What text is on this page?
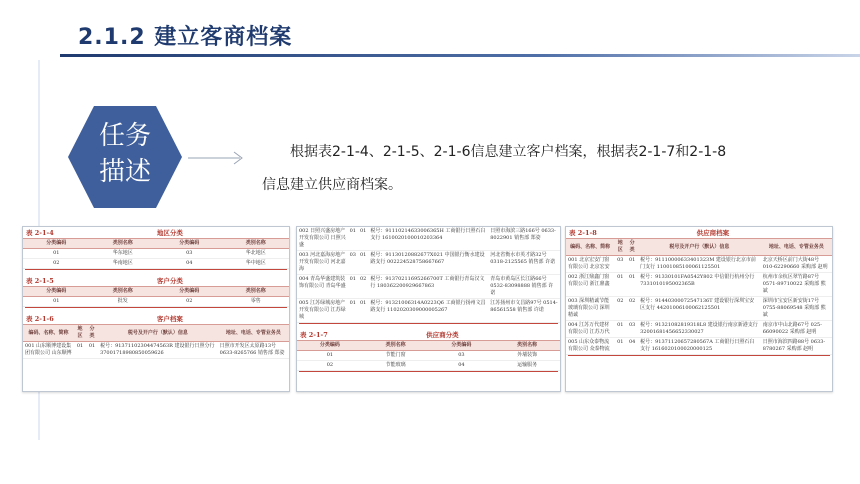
2.1.2 建立客商档案
任务
描述

根据表2-1-4、2-1-5、2-1-6信息建立客户档案，根据表2-1-7和2-1-8

信息建立供应商档案。
表 2-1-4	地区分类
分类编码	类别名称	分类编码	类别名称
01	华东地区	03	华北地区
02	华南地区	04	华中地区
表 2-1-5	客户分类
分类编码	类别名称	分类编码	类别名称
01	批发	02	零售
表 2-1-6	客户档案
编码、名称、简称	地区	分类	税号及开户行（默认）信息	地址、电话、专管业务员
001 山东顺博建设集团有限公司 山东顺博	01	01	税号：91371102304474563R 建设银行日照分行 37001718980850059626	日照市开发区太原路13号 0633-8265766 销售部 郑姿
002 日照兴盛房地产开发有限公司 日照兴盛	01	01	税号：91110214633006365H 工商银行日照石臼支行 1610020100010203364	日照市海滨三路166号 0633-8022901 销售部 郑姿
003 河北嘉海房地产开发有限公司 河北嘉海	03	01	税号：91130120882677X021 中国银行衡水建设路支行 002224528758667667	河北省衡水市英才路32号 0318-2125565 销售部 许诺
004 青岛华盛建筑装饰有限公司 青岛华盛	01	02	税号：91370211695266700T 工商银行青岛汉文行 180362200929667863	青岛市黄岛区长江路66号 0532-83098888 销售部 许诺
005 江苏绿城房地产开发有限公司 江苏绿城	01	01	税号：91321006314A0223Q6 工商银行扬州文昌路支行 1102020309000005267	江苏扬州市文昌路97号 0514-86561558 销售部 许诺
表 2-1-7	供应商分类
分类编码	类别名称	分类编码	类别名称
01	节能门窗	03	外墙装饰
02	节能玻璃	04	运输服务
表 2-1-8	供应商档案
编码、名称、简称	地区	分类	税号及开户行（默认）信息	地址、电话、专管业务员
001 北京宏安门窗有限公司 北京宏安	03	01	税号：91110000633401323M 建设银行北京市前门支行 11001085100061125501	北京天桥区前门大街48号 010-62290660 采购部 赵明
002 浙江鼎鑫门窗有限公司 浙江鼎鑫	01	01	税号：91330101FA0542Y802 中信银行杭州分行 7331010195002365B	杭州市余杭区翠竹路87号 0571-89710022 采购部 熊斌
003 深圳精诚节能玻璃有限公司 深圳精诚	02	02	税号：91440300072547136T 建设银行深圳宝安区支行 44201006100062125501	深圳市宝安区新安街17号 0755-88069548 采购部 熊斌
004 江苏万代建材有限公司 江苏万代	01	03	税号：91321082819318L8 建设银行南京新港支行 32001681456652330027	南京市中山北路67号 025-66090022 采购部 赵明
005 山东众泰物流有限公司 众泰物流	01	04	税号：91371120657280567A 工商银行日照石臼支行 1616020100020000125	日照市海滨四路88号 0633-8780267 采购部 赵明
